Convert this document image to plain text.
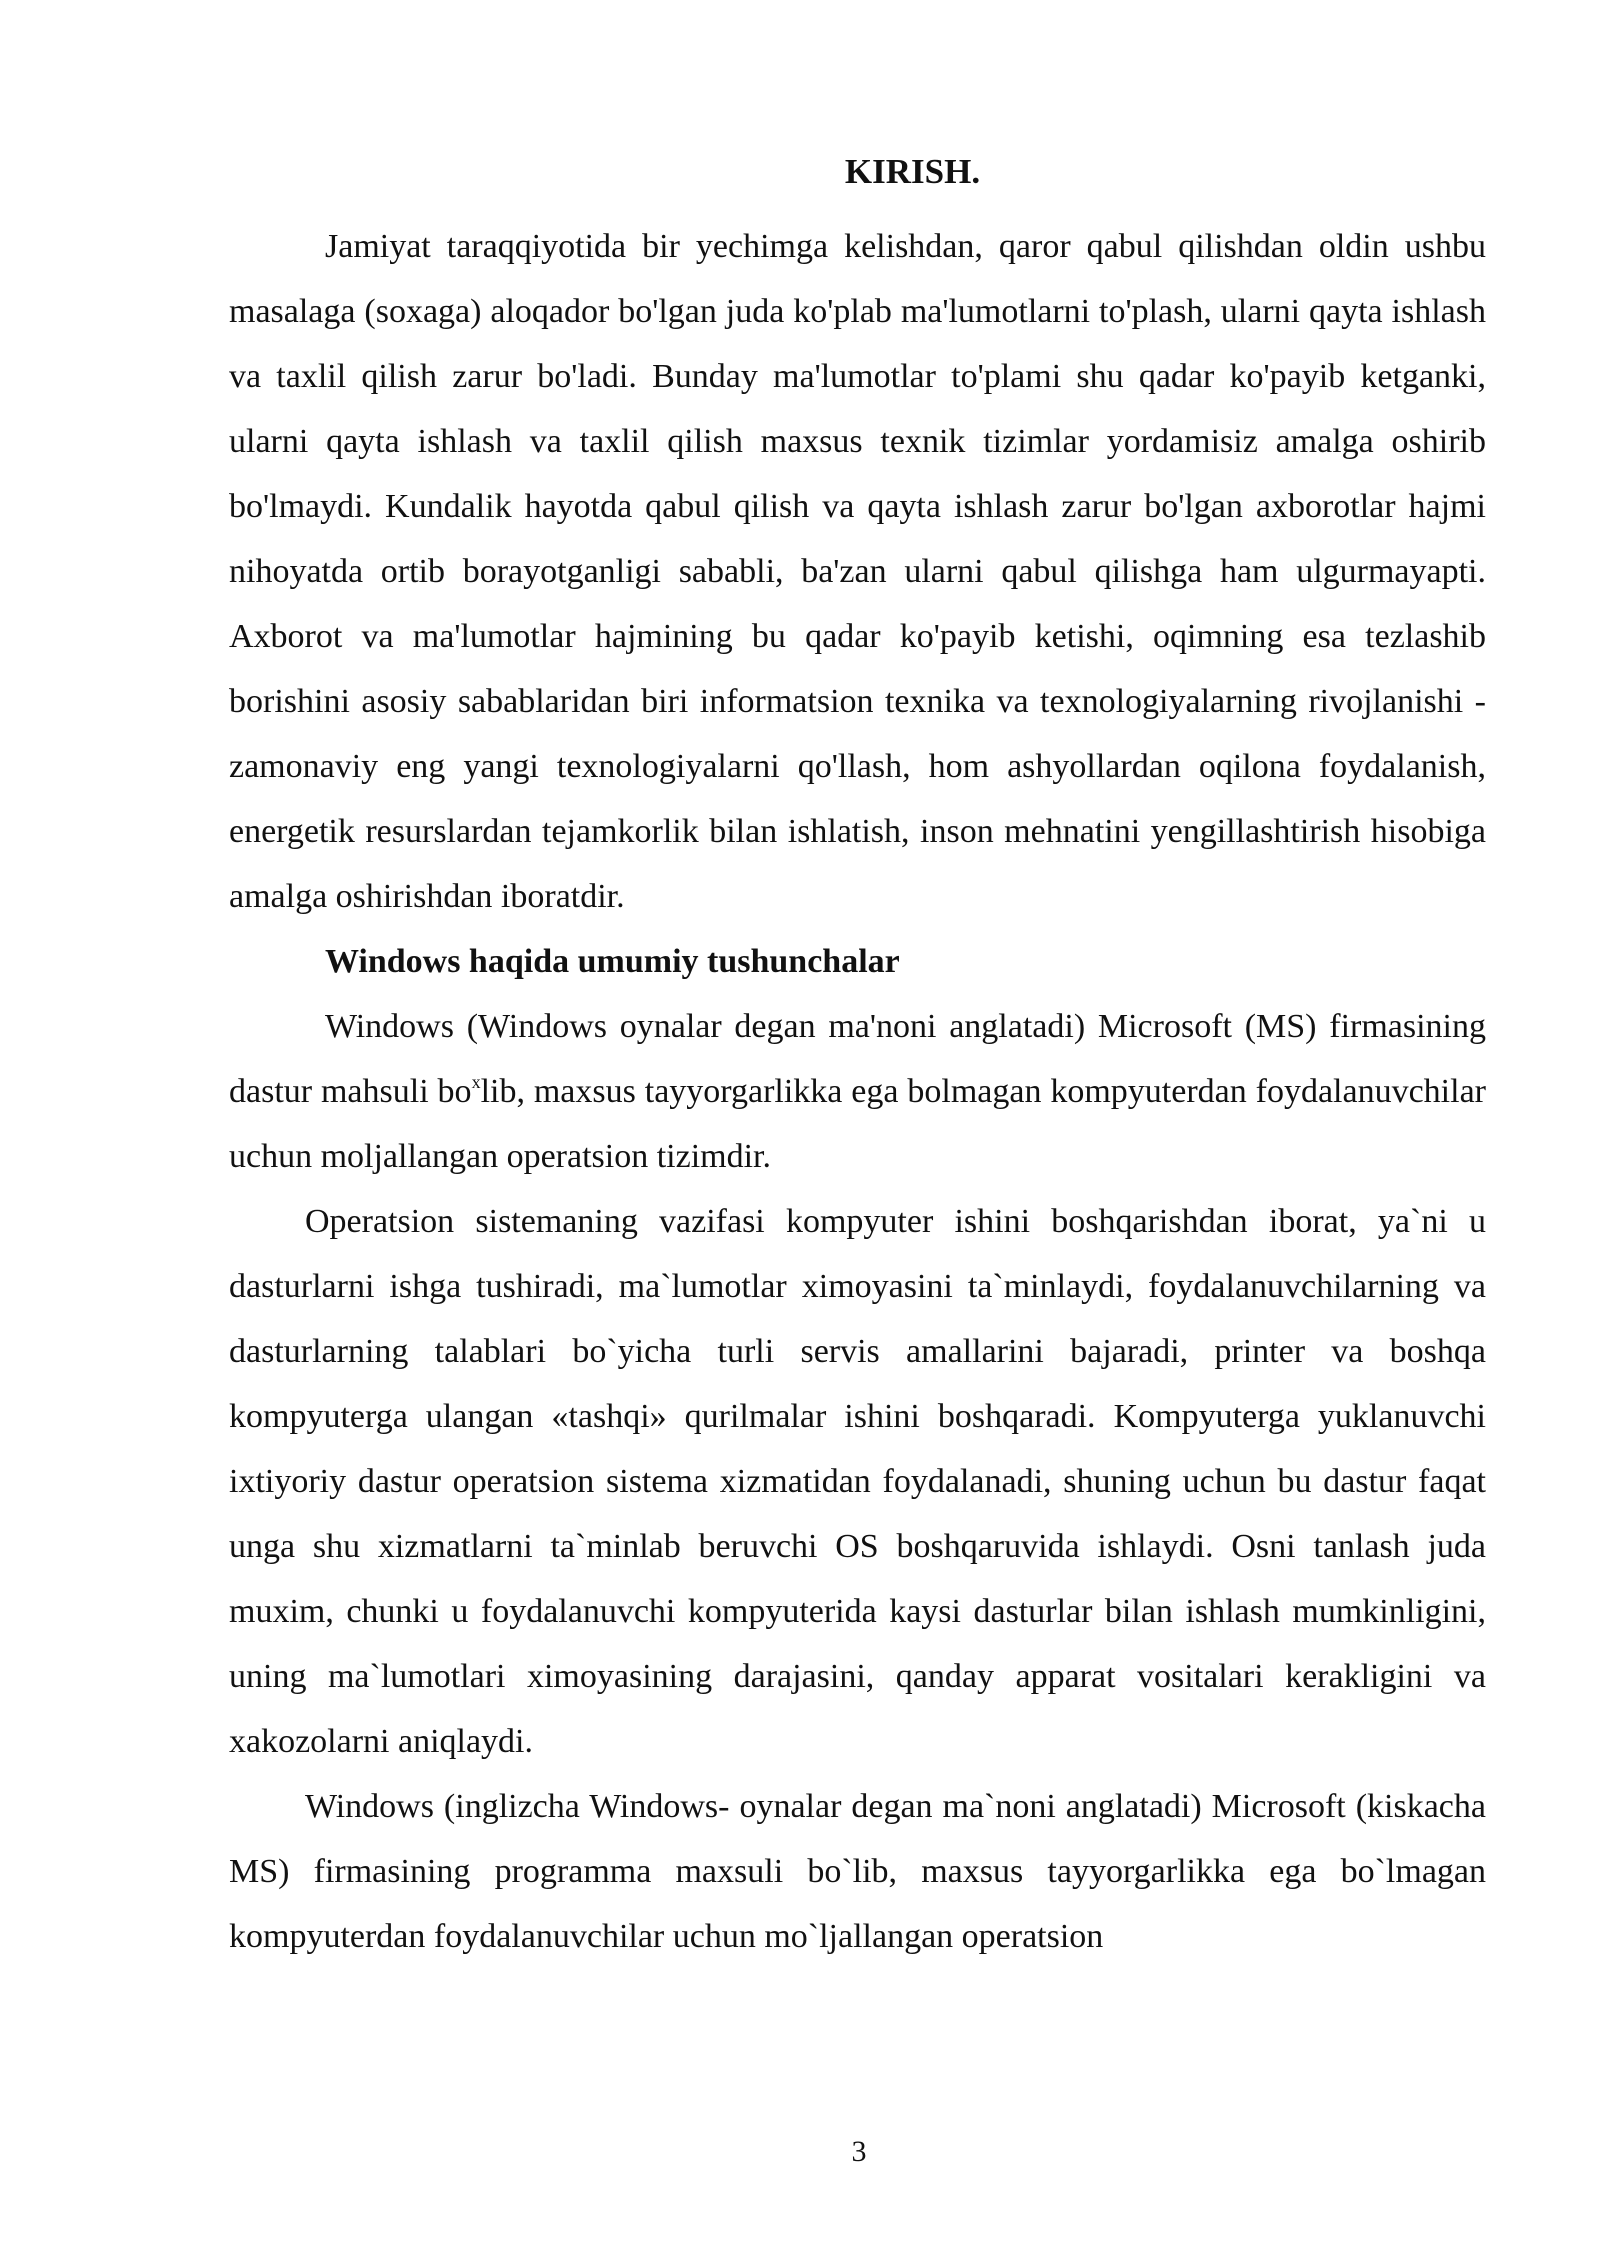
KIRISH.

Jamiyat taraqqiyotida bir yechimga kelishdan, qaror qabul qilishdan oldin ushbu masalaga (soxaga) aloqador bo'lgan juda ko'plab ma'lumotlarni to'plash, ularni qayta ishlash va taxlil qilish zarur bo'ladi. Bunday ma'lumotlar to'plami shu qadar ko'payib ketganki, ularni qayta ishlash va taxlil qilish maxsus texnik tizimlar yordamisiz amalga oshirib bo'lmaydi. Kundalik hayotda qabul qilish va qayta ishlash zarur bo'lgan axborotlar hajmi nihoyatda ortib borayotganligi sababli, ba'zan ularni qabul qilishga ham ulgurmayapti. Axborot va ma'lumotlar hajmining bu qadar ko'payib ketishi, oqimning esa tezlashib borishini asosiy sabablaridan biri informatsion texnika va texnologiyalarning rivojlanishi - zamonaviy eng yangi texnologiyalarni qo'llash, hom ashyollardan oqilona foydalanish, energetik resurslardan tejamkorlik bilan ishlatish, inson mehnatini yengillashtirish hisobiga amalga oshirishdan iboratdir.

Windows haqida umumiy tushunchalar

Windows (Windows oynalar degan ma'noni anglatadi) Microsoft (MS) firmasining dastur mahsuli $bo^xlib$, maxsus tayyorgarlikka ega bolmagan kompyuterdan foydalanuvchilar uchun moljallangan operatsion tizimdir.

Operatsion sistemaning vazifasi kompyuter ishini boshqarishdan iborat, ya`ni u dasturlarni ishga tushiradi, ma`lumotlar ximoyasini ta`minlaydi, foydalanuvchilarning va dasturlarning talablari bo`yicha turli servis amallarini bajaradi, printer va boshqa kompyuterga ulangan «tashqi» qurilmalar ishini boshqaradi. Kompyuterga yuklanuvchi ixtiyoriy dastur operatsion sistema xizmatidan foydalanadi, shuning uchun bu dastur faqat unga shu xizmatlarni ta`minlab beruvchi OS boshqaruvida ishlaydi. Osni tanlash juda muxim, chunki u foydalanuvchi kompyuterida kaysi dasturlar bilan ishlash mumkinligini, uning ma`lumotlari ximoyasining darajasini, qanday apparat vositalari kerakligini va xakozolarni aniqlaydi.

Windows (inglizcha Windows- oynalar degan ma`noni anglatadi) Microsoft (kiskacha MS) firmasining programma maxsuli bo`lib, maxsus tayyorgarlikka ega bo`lmagan kompyuterdan foydalanuvchilar uchun mo`ljallangan operatsion

3
